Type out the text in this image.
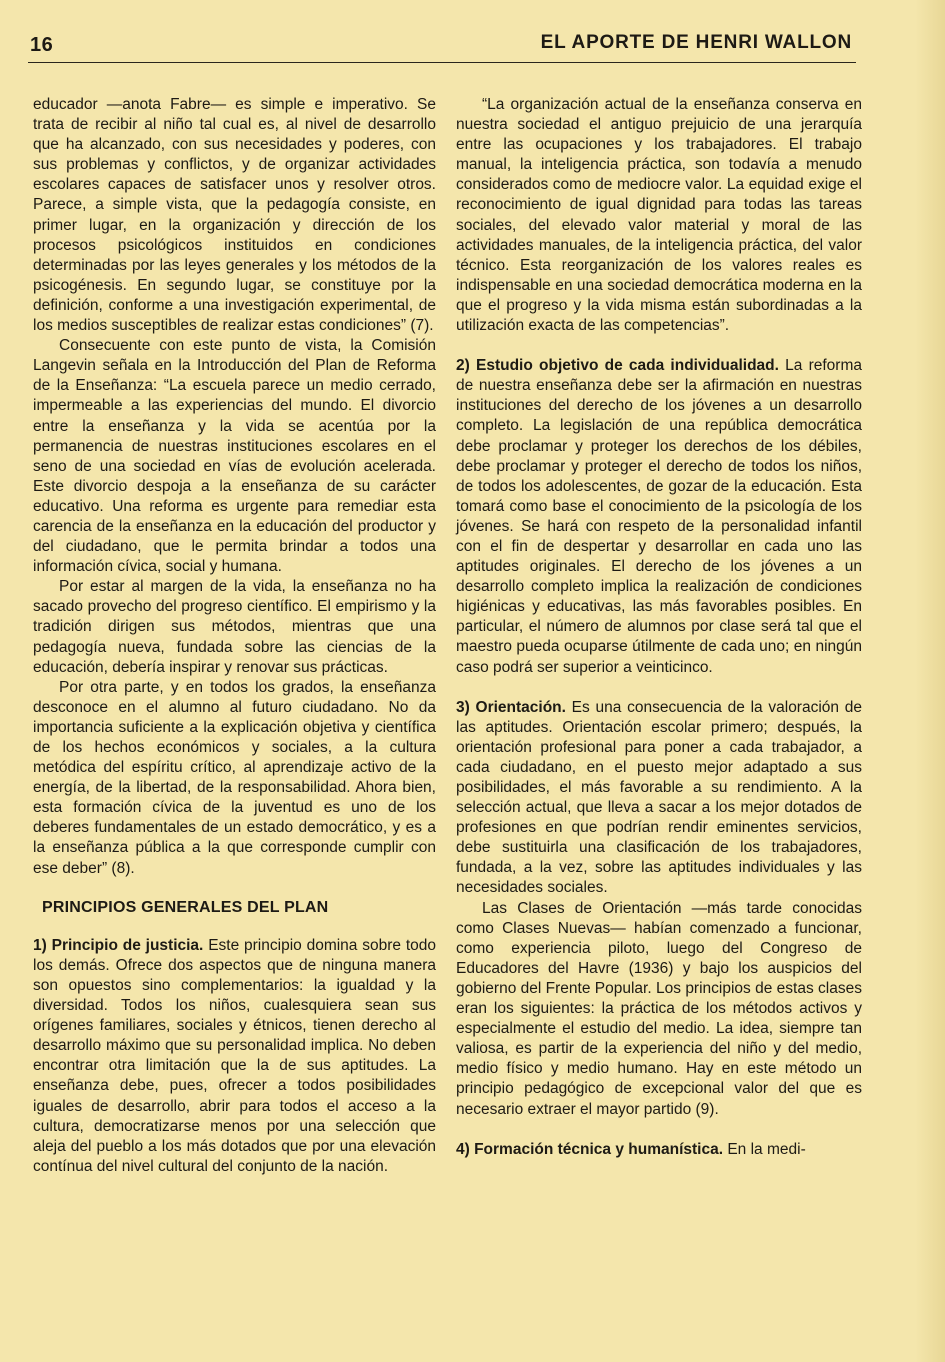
16	EL APORTE DE HENRI WALLON

educador —anota Fabre— es simple e imperativo. Se trata de recibir al niño tal cual es, al nivel de desarrollo que ha alcanzado, con sus necesidades y poderes, con sus problemas y conflictos, y de organizar actividades escolares capaces de satisfacer unos y resolver otros. Parece, a simple vista, que la pedagogía consiste, en primer lugar, en la organización y dirección de los procesos psicológicos instituidos en condiciones determinadas por las leyes generales y los métodos de la psicogénesis. En segundo lugar, se constituye por la definición, conforme a una investigación experimental, de los medios susceptibles de realizar estas condiciones” (7).

Consecuente con este punto de vista, la Comisión Langevin señala en la Introducción del Plan de Reforma de la Enseñanza: “La escuela parece un medio cerrado, impermeable a las experiencias del mundo. El divorcio entre la enseñanza y la vida se acentúa por la permanencia de nuestras instituciones escolares en el seno de una sociedad en vías de evolución acelerada. Este divorcio despoja a la enseñanza de su carácter educativo. Una reforma es urgente para remediar esta carencia de la enseñanza en la educación del productor y del ciudadano, que le permita brindar a todos una información cívica, social y humana.

Por estar al margen de la vida, la enseñanza no ha sacado provecho del progreso científico. El empirismo y la tradición dirigen sus métodos, mientras que una pedagogía nueva, fundada sobre las ciencias de la educación, debería inspirar y renovar sus prácticas.

Por otra parte, y en todos los grados, la enseñanza desconoce en el alumno al futuro ciudadano. No da importancia suficiente a la explicación objetiva y científica de los hechos económicos y sociales, a la cultura metódica del espíritu crítico, al aprendizaje activo de la energía, de la libertad, de la responsabilidad. Ahora bien, esta formación cívica de la juventud es uno de los deberes fundamentales de un estado democrático, y es a la enseñanza pública a la que corresponde cumplir con ese deber” (8).

PRINCIPIOS GENERALES DEL PLAN

1) Principio de justicia. Este principio domina sobre todo los demás. Ofrece dos aspectos que de ninguna manera son opuestos sino complementarios: la igualdad y la diversidad. Todos los niños, cualesquiera sean sus orígenes familiares, sociales y étnicos, tienen derecho al desarrollo máximo que su personalidad implica. No deben encontrar otra limitación que la de sus aptitudes. La enseñanza debe, pues, ofrecer a todos posibilidades iguales de desarrollo, abrir para todos el acceso a la cultura, democratizarse menos por una selección que aleja del pueblo a los más dotados que por una elevación contínua del nivel cultural del conjunto de la nación.

“La organización actual de la enseñanza conserva en nuestra sociedad el antiguo prejuicio de una jerarquía entre las ocupaciones y los trabajadores. El trabajo manual, la inteligencia práctica, son todavía a menudo considerados como de mediocre valor. La equidad exige el reconocimiento de igual dignidad para todas las tareas sociales, del elevado valor material y moral de las actividades manuales, de la inteligencia práctica, del valor técnico. Esta reorganización de los valores reales es indispensable en una sociedad democrática moderna en la que el progreso y la vida misma están subordinadas a la utilización exacta de las competencias”.

2) Estudio objetivo de cada individualidad. La reforma de nuestra enseñanza debe ser la afirmación en nuestras instituciones del derecho de los jóvenes a un desarrollo completo. La legislación de una república democrática debe proclamar y proteger los derechos de los débiles, debe proclamar y proteger el derecho de todos los niños, de todos los adolescentes, de gozar de la educación. Esta tomará como base el conocimiento de la psicología de los jóvenes. Se hará con respeto de la personalidad infantil con el fin de despertar y desarrollar en cada uno las aptitudes originales. El derecho de los jóvenes a un desarrollo completo implica la realización de condiciones higiénicas y educativas, las más favorables posibles. En particular, el número de alumnos por clase será tal que el maestro pueda ocuparse útilmente de cada uno; en ningún caso podrá ser superior a veinticinco.

3) Orientación. Es una consecuencia de la valoración de las aptitudes. Orientación escolar primero; después, la orientación profesional para poner a cada trabajador, a cada ciudadano, en el puesto mejor adaptado a sus posibilidades, el más favorable a su rendimiento. A la selección actual, que lleva a sacar a los mejor dotados de profesiones en que podrían rendir eminentes servicios, debe sustituirla una clasificación de los trabajadores, fundada, a la vez, sobre las aptitudes individuales y las necesidades sociales.

Las Clases de Orientación —más tarde conocidas como Clases Nuevas— habían comenzado a funcionar, como experiencia piloto, luego del Congreso de Educadores del Havre (1936) y bajo los auspicios del gobierno del Frente Popular. Los principios de estas clases eran los siguientes: la práctica de los métodos activos y especialmente el estudio del medio. La idea, siempre tan valiosa, es partir de la experiencia del niño y del medio, medio físico y medio humano. Hay en este método un principio pedagógico de excepcional valor del que es necesario extraer el mayor partido (9).

4) Formación técnica y humanística. En la medi-
